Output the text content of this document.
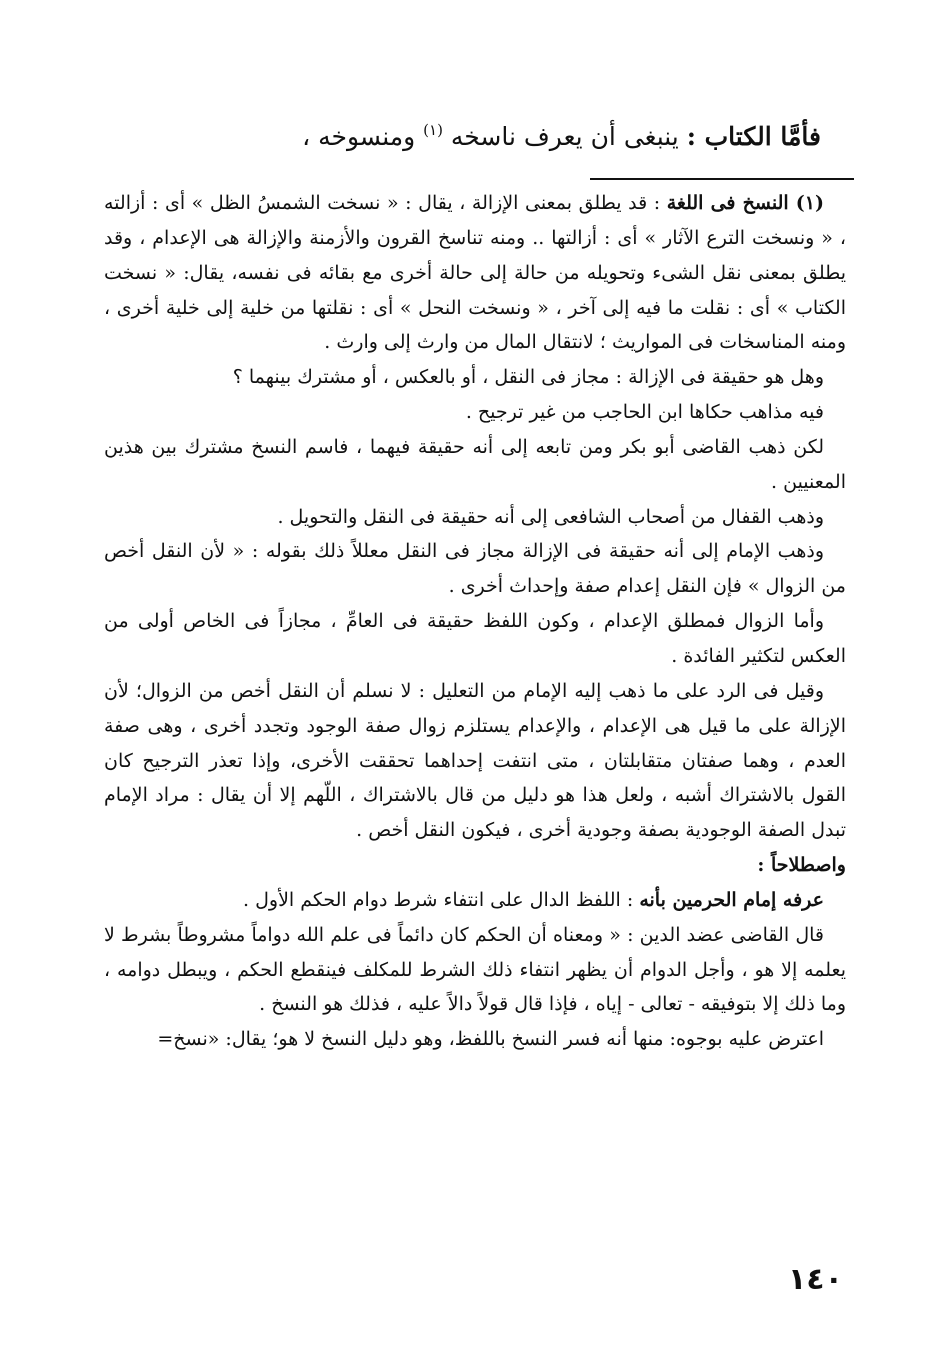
فأمَّا الكتاب : ينبغى أن يعرف ناسخه $^{(١)}$ ومنسوخه ،

(١) النسخ فى اللغة : قد يطلق بمعنى الإزالة ، يقال : « نسخت الشمسُ الظل » أى : أزالته ، « ونسخت الترع الآثار » أى : أزالتها .. ومنه تناسخ القرون والأزمنة والإزالة هى الإعدام ، وقد يطلق بمعنى نقل الشىء وتحويله من حالة إلى حالة أخرى مع بقائه فى نفسه، يقال: « نسخت الكتاب » أى : نقلت ما فيه إلى آخر ، « ونسخت النحل » أى : نقلتها من خلية إلى خلية أخرى ، ومنه المناسخات فى المواريث ؛ لانتقال المال من وارث إلى وارث .

وهل هو حقيقة فى الإزالة : مجاز فى النقل ، أو بالعكس ، أو مشترك بينهما ؟

فيه مذاهب حكاها ابن الحاجب من غير ترجيح .

لكن ذهب القاضى أبو بكر ومن تابعه إلى أنه حقيقة فيهما ، فاسم النسخ مشترك بين هذين المعنيين .

وذهب القفال من أصحاب الشافعى إلى أنه حقيقة فى النقل والتحويل .

وذهب الإمام إلى أنه حقيقة فى الإزالة مجاز فى النقل معللاً ذلك بقوله : « لأن النقل أخص من الزوال » فإن النقل إعدام صفة وإحداث أخرى .

وأما الزوال فمطلق الإعدام ، وكون اللفظ حقيقة فى العامِّ ، مجازاً فى الخاص أولى من العكس لتكثير الفائدة .

وقيل فى الرد على ما ذهب إليه الإمام من التعليل : لا نسلم أن النقل أخص من الزوال؛ لأن الإزالة على ما قيل هى الإعدام ، والإعدام يستلزم زوال صفة الوجود وتجدد أخرى ، وهى صفة العدم ، وهما صفتان متقابلتان ، متى انتفت إحداهما تحققت الأخرى، وإذا تعذر الترجيح كان القول بالاشتراك أشبه ، ولعل هذا هو دليل من قال بالاشتراك ، اللّهم إلا أن يقال : مراد الإمام تبدل الصفة الوجودية بصفة وجودية أخرى ، فيكون النقل أخص .

واصطلاحاً :

عرفه إمام الحرمين بأنه : اللفظ الدال على انتفاء شرط دوام الحكم الأول .

قال القاضى عضد الدين : « ومعناه أن الحكم كان دائماً فى علم الله دواماً مشروطاً بشرط لا يعلمه إلا هو ، وأجل الدوام أن يظهر انتفاء ذلك الشرط للمكلف فينقطع الحكم ، ويبطل دوامه ، وما ذلك إلا بتوفيقه - تعالى - إياه ، فإذا قال قولاً دالاً عليه ، فذلك هو النسخ .

اعترض عليه بوجوه: منها أنه فسر النسخ باللفظ، وهو دليل النسخ لا هو؛ يقال: «نسخ=

١٤٠
